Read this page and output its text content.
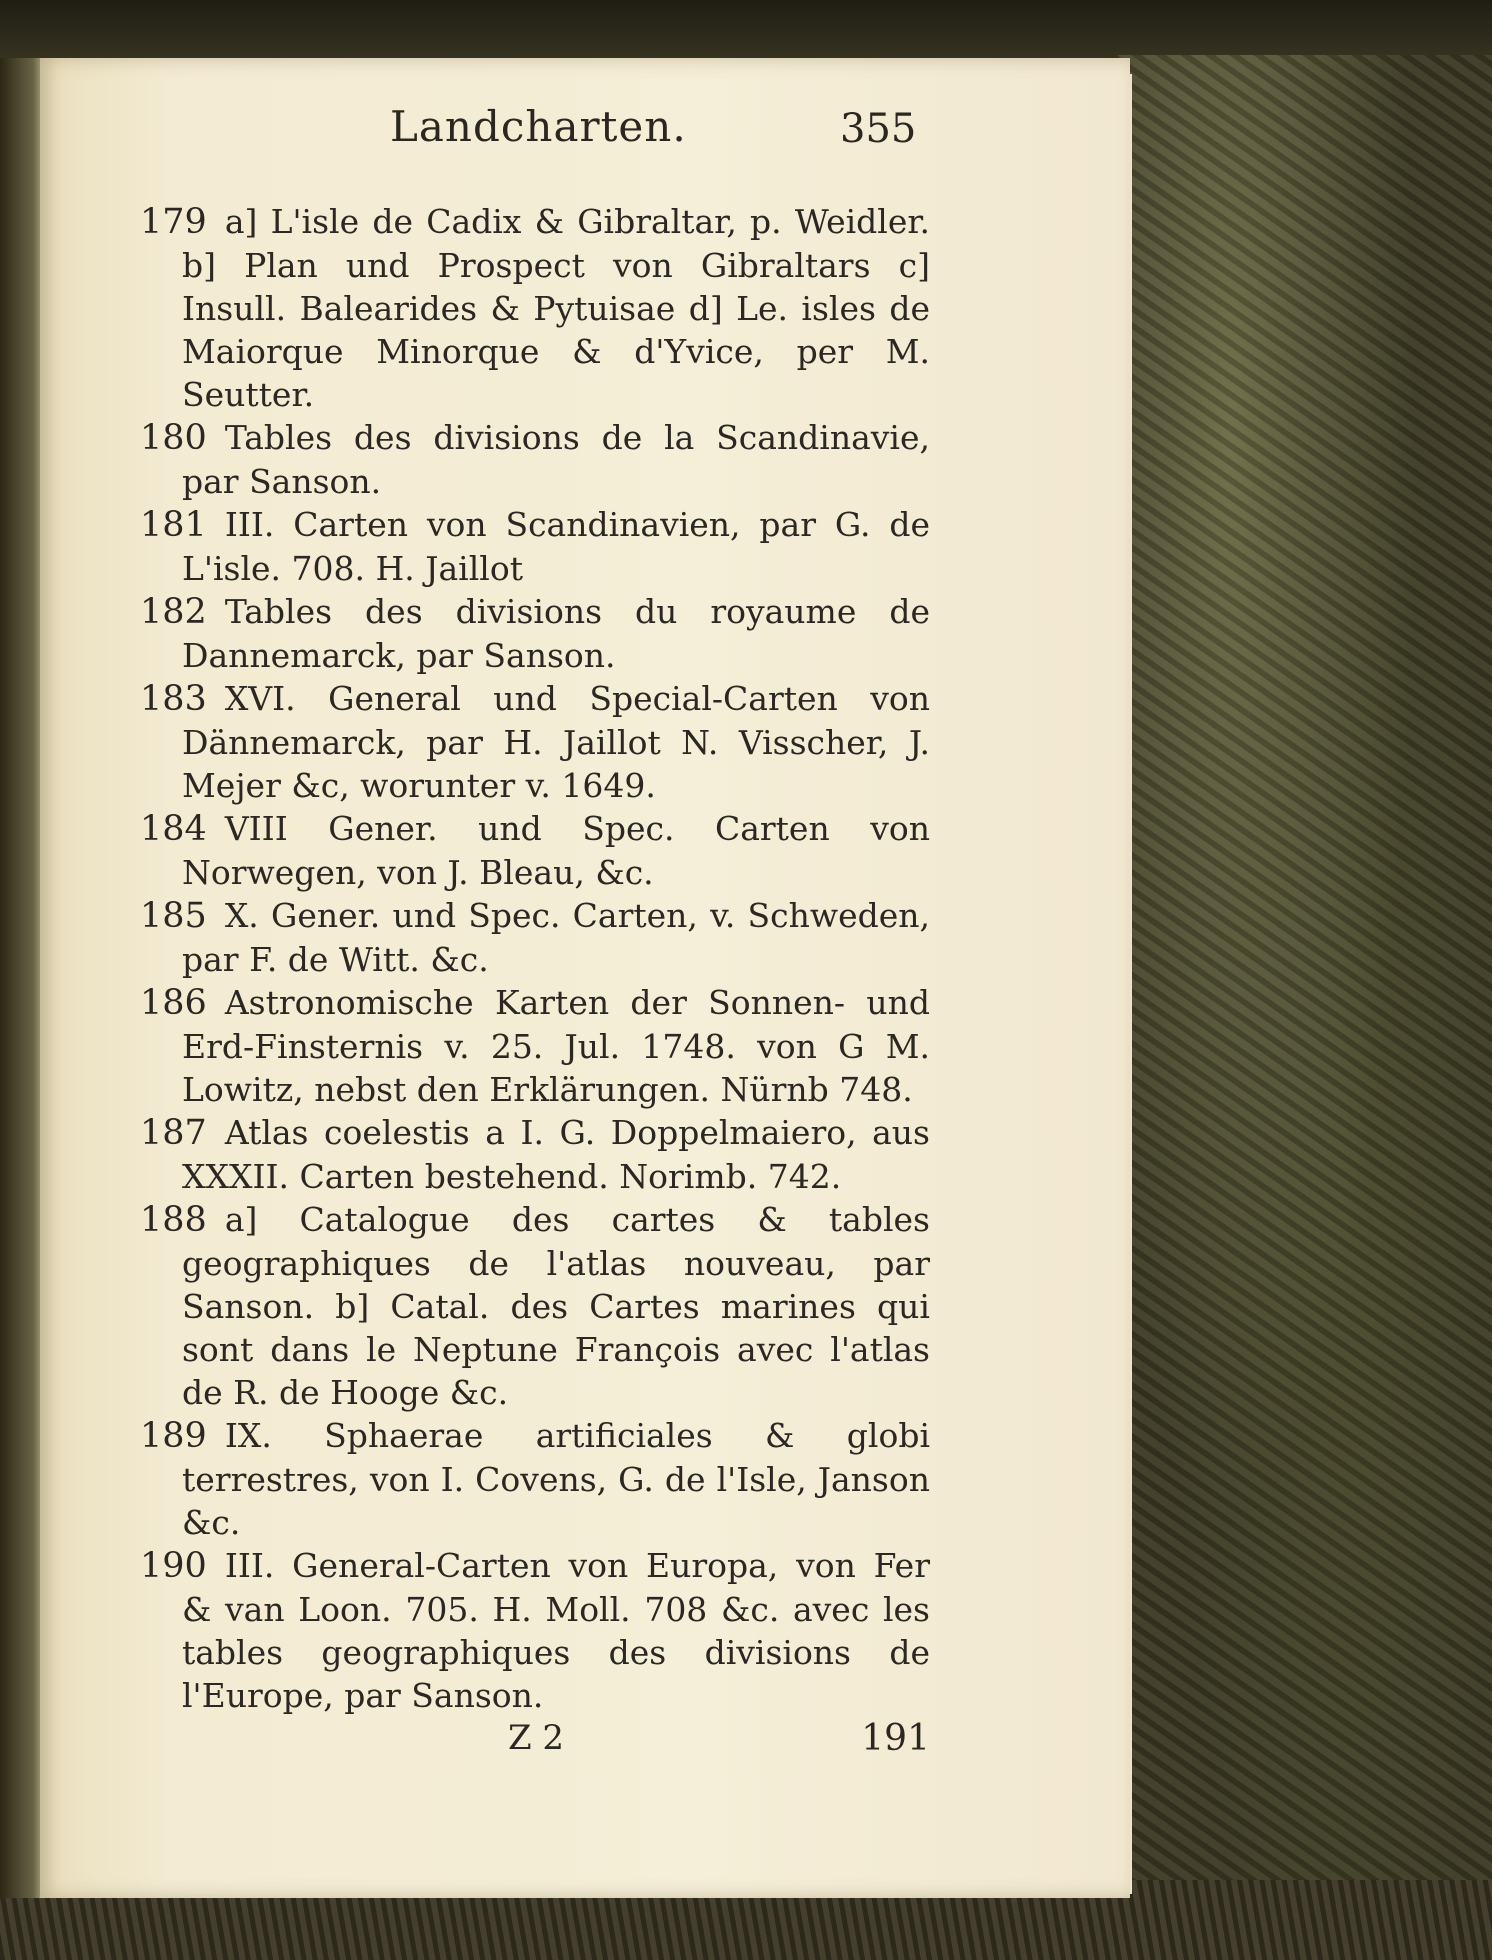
Landcharten.	355
179 a] L'isle de Cadix & Gibraltar, p. Weidler. b] Plan und Prospect von Gibraltars c] Insull. Balearides & Pytuisae d] Le. isles de Maiorque Minorque & d'Yvice, per M. Seutter.
180 Tables des divisions de la Scandinavie, par Sanson.
181 III. Carten von Scandinavien, par G. de L'isle. 708. H. Jaillot
182 Tables des divisions du royaume de Dannemarck, par Sanson.
183 XVI. General und Special-Carten von Dännemarck, par H. Jaillot N. Visscher, J. Mejer &c, worunter v. 1649.
184 VIII Gener. und Spec. Carten von Norwegen, von J. Bleau, &c.
185 X. Gener. und Spec. Carten, v. Schweden, par F. de Witt. &c.
186 Astronomische Karten der Sonnen- und Erd-Finsternis v. 25. Jul. 1748. von G M. Lowitz, nebst den Erklärungen. Nürnb 748.
187 Atlas coelestis a I. G. Doppelmaiero, aus XXXII. Carten bestehend. Norimb. 742.
188 a] Catalogue des cartes & tables geographiques de l'atlas nouveau, par Sanson. b] Catal. des Cartes marines qui sont dans le Neptune François avec l'atlas de R. de Hooge &c.
189 IX. Sphaerae artificiales & globi terrestres, von I. Covens, G. de l'Isle, Janson &c.
190 III. General-Carten von Europa, von Fer & van Loon. 705. H. Moll. 708 &c. avec les tables geographiques des divisions de l'Europe, par Sanson.
Z 2	191
